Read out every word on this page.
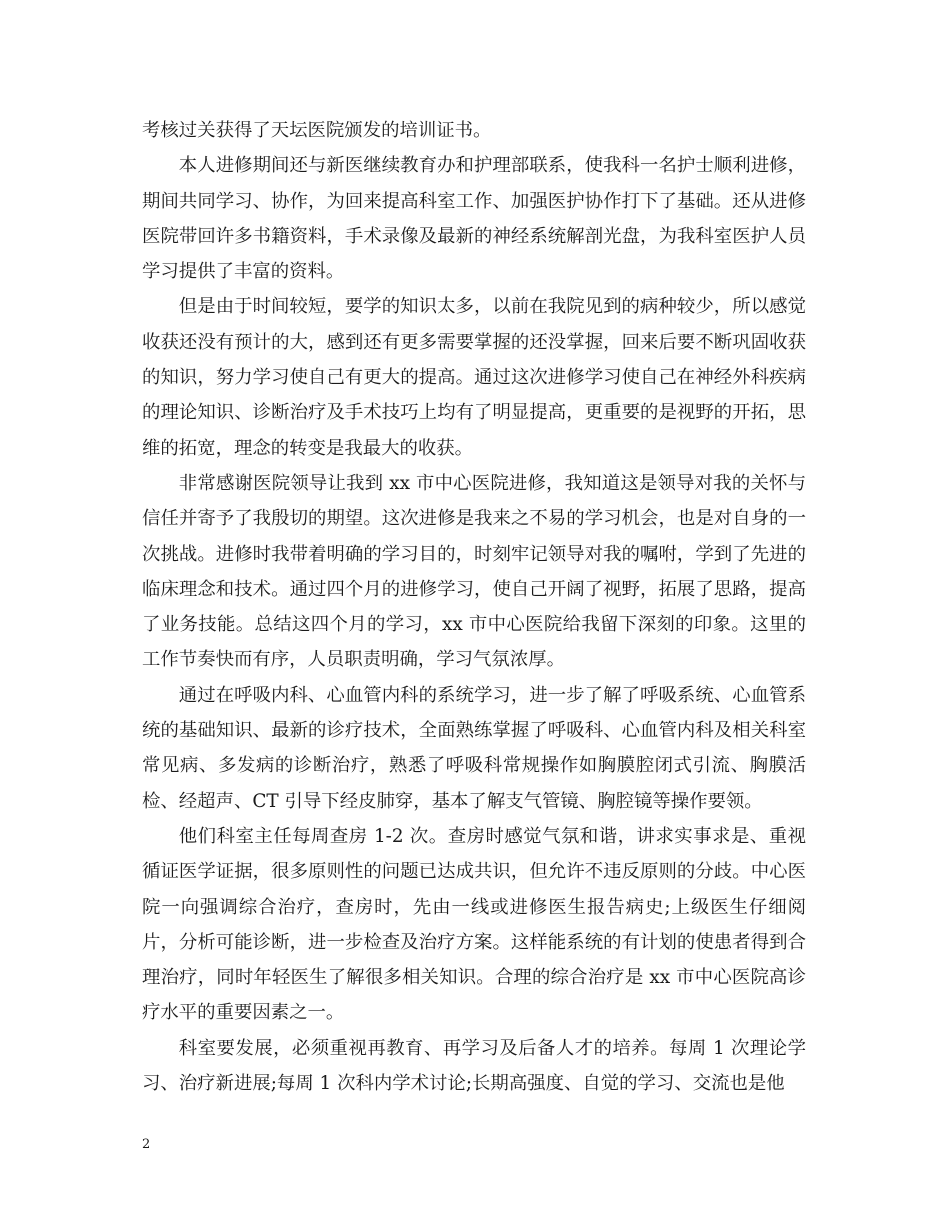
考核过关获得了天坛医院颁发的培训证书。

本人进修期间还与新医继续教育办和护理部联系，使我科一名护士顺利进修，期间共同学习、协作，为回来提高科室工作、加强医护协作打下了基础。还从进修医院带回许多书籍资料，手术录像及最新的神经系统解剖光盘，为我科室医护人员学习提供了丰富的资料。

但是由于时间较短，要学的知识太多，以前在我院见到的病种较少，所以感觉收获还没有预计的大，感到还有更多需要掌握的还没掌握，回来后要不断巩固收获的知识，努力学习使自己有更大的提高。通过这次进修学习使自己在神经外科疾病的理论知识、诊断治疗及手术技巧上均有了明显提高，更重要的是视野的开拓，思维的拓宽，理念的转变是我最大的收获。

非常感谢医院领导让我到 xx 市中心医院进修，我知道这是领导对我的关怀与信任并寄予了我殷切的期望。这次进修是我来之不易的学习机会，也是对自身的一次挑战。进修时我带着明确的学习目的，时刻牢记领导对我的嘱咐，学到了先进的临床理念和技术。通过四个月的进修学习，使自己开阔了视野，拓展了思路，提高了业务技能。总结这四个月的学习，xx 市中心医院给我留下深刻的印象。这里的工作节奏快而有序，人员职责明确，学习气氛浓厚。

通过在呼吸内科、心血管内科的系统学习，进一步了解了呼吸系统、心血管系统的基础知识、最新的诊疗技术，全面熟练掌握了呼吸科、心血管内科及相关科室常见病、多发病的诊断治疗，熟悉了呼吸科常规操作如胸膜腔闭式引流、胸膜活检、经超声、CT 引导下经皮肺穿，基本了解支气管镜、胸腔镜等操作要领。

他们科室主任每周查房 1-2 次。查房时感觉气氛和谐，讲求实事求是、重视循证医学证据，很多原则性的问题已达成共识，但允许不违反原则的分歧。中心医院一向强调综合治疗，查房时，先由一线或进修医生报告病史;上级医生仔细阅片，分析可能诊断，进一步检查及治疗方案。这样能系统的有计划的使患者得到合理治疗，同时年轻医生了解很多相关知识。合理的综合治疗是 xx 市中心医院高诊疗水平的重要因素之一。

科室要发展，必须重视再教育、再学习及后备人才的培养。每周 1 次理论学习、治疗新进展;每周 1 次科内学术讨论;长期高强度、自觉的学习、交流也是他

2
